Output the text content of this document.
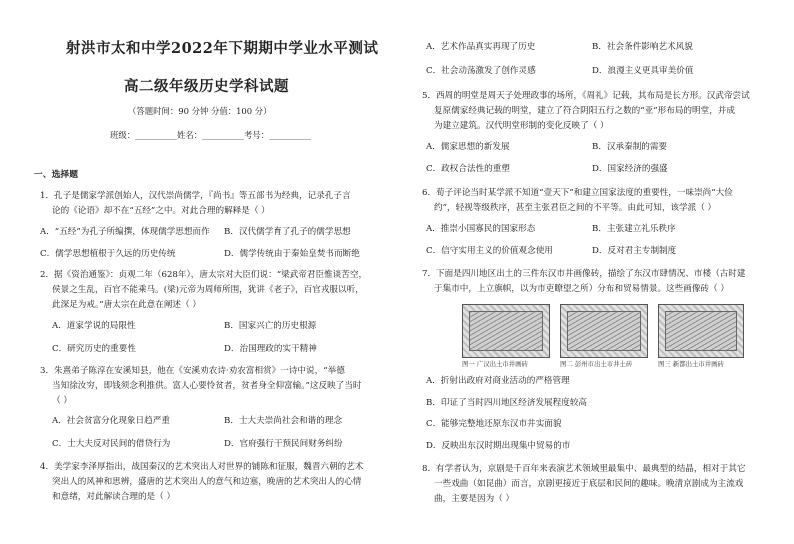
射洪市太和中学2022年下期期中学业水平测试
高二级年级历史学科试题
（答题时间：90 分钟 分值：100 分）
班级：__________姓名：__________考号：__________
一、选择题
1．孔子是儒家学派创始人，汉代崇尚儒学，『尚书』等五部书为经典，记录孔子言
论的《论语》却不在“五经”之中。对此合理的解释是（ ）
A．“五经”为孔子所编撰，体现儒学思想而作 B．汉代儒学育了孔子的儒学思想
C．儒学思想植根于久远的历史传统	D．儒学传统由于秦始皇焚书而断绝
2．据《资治通鉴》：贞观二年（628年），唐太宗对大臣们说：“梁武帝君臣惟谈苦空，
侯景之生乱，百官不能乘马。(梁)元帝为周师所围，犹讲《老子》，百官戎服以听，
此深足为戒。”唐太宗在此意在阐述（ ）
A．道家学说的局限性	B．国家兴亡的历史根源
C．研究历史的重要性	D．治国理政的实干精神
3．朱熹弟子陈淳在安溪知县，他在《安溪劝农诗·劝农富相赏》一诗中说，“举德
当知徐汝穷，即钱须念利推供。富人心要怜贫者，贫者身全仰富输。”这反映了当时
（ ）
A．社会贫富分化现象日趋严重	B．士大夫崇尚社会和谐的理念
C．士大夫反对民间的借贷行为	D．官府强行干预民间财务纠纷
4．美学家李泽厚指出，战国秦汉的艺术突出人对世界的铺陈和征服，魏晋六朝的艺术
突出人的风神和思辨，盛唐的艺术突出人的意气和边塞，晚唐的艺术突出人的心情
和意绪，对此解读合理的是（ ）
A．艺术作品真实再现了历史	B．社会条件影响艺术风貌
C．社会动荡激发了创作灵感	D．浪漫主义更具审美价值
5．西周的明堂是周天子处理政事的场所，《周礼》记载，其布局是长方形。汉武帝尝试
复原儒家经典记载的明堂，建立了符合阴阳五行之数的“亚”形布局的明堂，并成
为建立建筑。汉代明堂形制的变化反映了（ ）
A．儒家思想的新发展	B．汉承秦制的需要
C．政权合法性的重塑	D．国家经济的强盛
6．荀子评论当时某学派不知道“壹天下”和建立国家法度的重要性，一味崇尚“大俭
约”，轻视等级秩序，甚至主张君臣之间的不平等。由此可知，该学派（ ）
A．推崇小国寡民的国家形态	B．主张建立礼乐秩序
C．信守实用主义的价值观念使用	D．反对君主专制制度
7．下面是四川地区出土的三件东汉市井画像砖，描绘了东汉市肆情况、市楼（古时建
于集市中，上立旗帜，以为市吏瞭望之所）分布和贸易情景。这些画像砖（ ）
图一 广汉出土市井画砖	图二 彭州市出土市井土砖	图三 新都出土市井画砖
A．折射出政府对商业活动的严格管理
B．印证了当时四川地区经济发展程度较高
C．能够完整地还原东汉市井实面貌
D．反映出东汉时期出现集中贸易的市
8．有学者认为，京剧是千百年来表演艺术领域里最集中、最典型的结晶，相对于其它
一些戏曲（如昆曲）而言，京剧更接近于底层和民间的趣味。晚清京剧成为主流戏
曲，主要是因为（ ）
